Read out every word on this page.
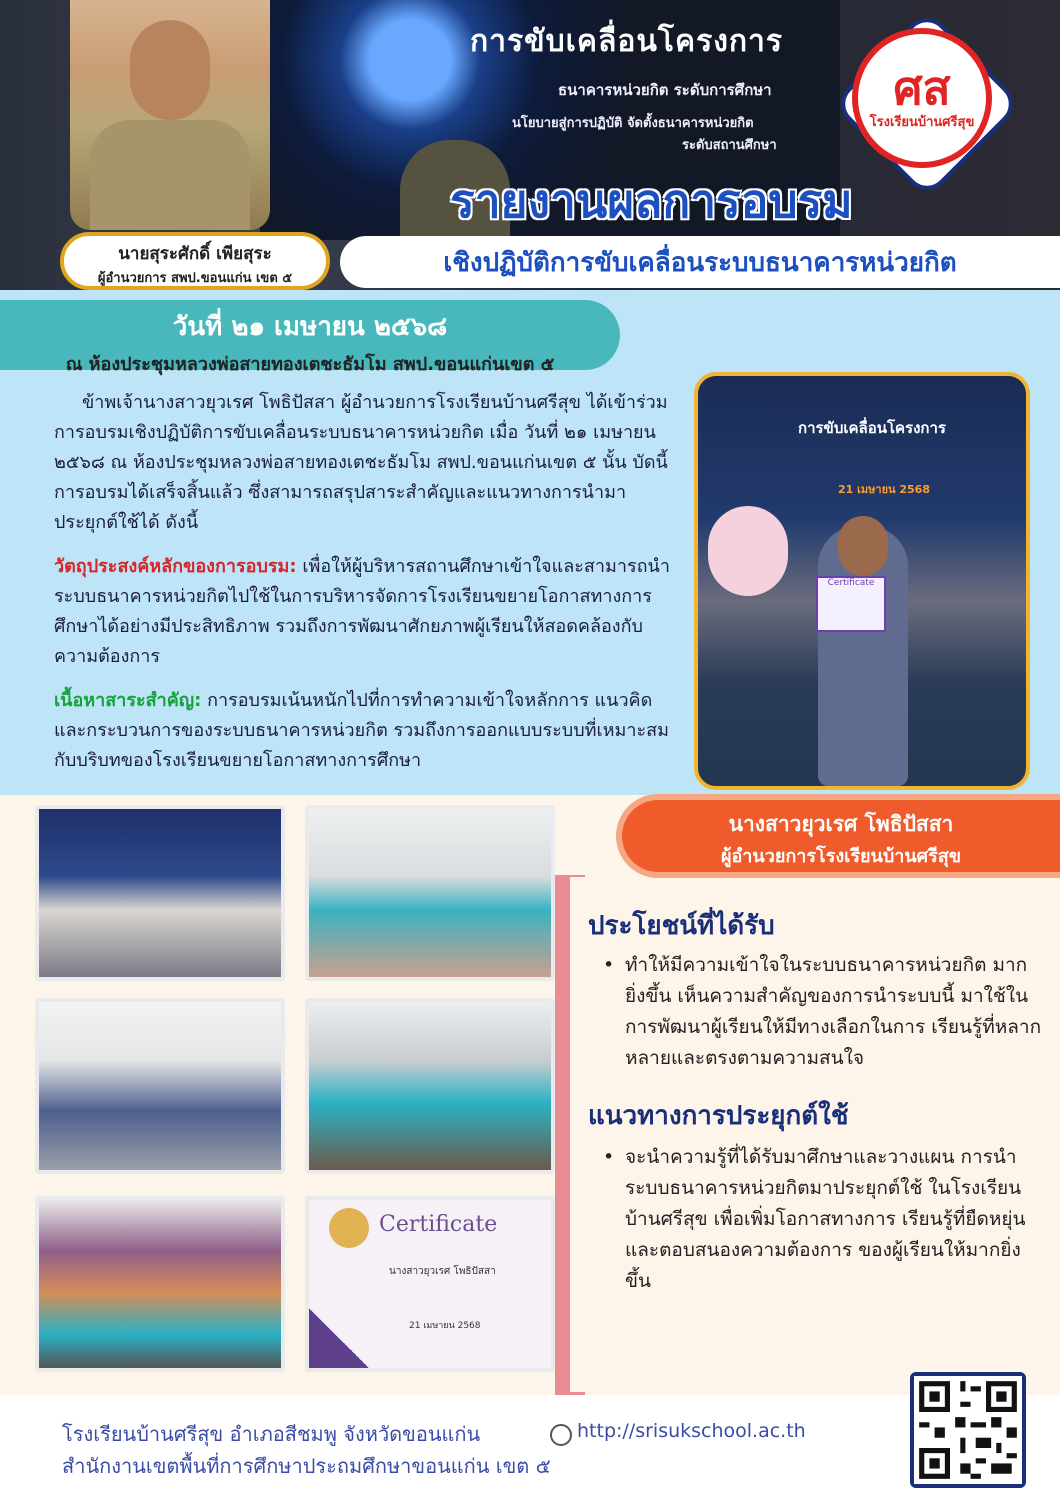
การขับเคลื่อนโครงการ
ธนาคารหน่วยกิต ระดับการศึกษา
นโยบายสู่การปฏิบัติ จัดตั้งธนาคารหน่วยกิต
ระดับสถานศึกษา
ศส
โรงเรียนบ้านศรีสุข
รายงานผลการอบรม
นายสุระศักดิ์ เพียสุระ
ผู้อำนวยการ สพป.ขอนแก่น เขต ๕
เชิงปฏิบัติการขับเคลื่อนระบบธนาคารหน่วยกิต
วันที่ ๒๑ เมษายน ๒๕๖๘
ณ ห้องประชุมหลวงพ่อสายทองเตชะธัมโม สพป.ขอนแก่นเขต ๕

ข้าพเจ้านางสาวยุวเรศ โพธิปัสสา ผู้อำนวยการโรงเรียนบ้านศรีสุข ได้เข้าร่วมการอบรมเชิงปฏิบัติการขับเคลื่อนระบบธนาคารหน่วยกิต เมื่อ วันที่ ๒๑ เมษายน ๒๕๖๘ ณ ห้องประชุมหลวงพ่อสายทองเตชะธัมโม สพป.ขอนแก่นเขต ๕ นั้น บัดนี้การอบรมได้เสร็จสิ้นแล้ว ซึ่งสามารถสรุปสาระสำคัญและแนวทางการนำมาประยุกต์ใช้ได้ ดังนี้

วัตถุประสงค์หลักของการอบรม: เพื่อให้ผู้บริหารสถานศึกษาเข้าใจและสามารถนำระบบธนาคารหน่วยกิตไปใช้ในการบริหารจัดการโรงเรียนขยายโอกาสทางการศึกษาได้อย่างมีประสิทธิภาพ รวมถึงการพัฒนาศักยภาพผู้เรียนให้สอดคล้องกับความต้องการ

เนื้อหาสาระสำคัญ: การอบรมเน้นหนักไปที่การทำความเข้าใจหลักการ แนวคิด และกระบวนการของระบบธนาคารหน่วยกิต รวมถึงการออกแบบระบบที่เหมาะสมกับบริบทของโรงเรียนขยายโอกาสทางการศึกษา

การขับเคลื่อนโครงการ
21 เมษายน 2568
Certificate
Certificate
นางสาวยุวเรศ โพธิปัสสา
21 เมษายน 2568
นางสาวยุวเรศ โพธิปัสสา
ผู้อำนวยการโรงเรียนบ้านศรีสุข
ประโยชน์ที่ได้รับ
• ทำให้มีความเข้าใจในระบบธนาคารหน่วยกิต มากยิ่งขึ้น เห็นความสำคัญของการนำระบบนี้ มาใช้ในการพัฒนาผู้เรียนให้มีทางเลือกในการ เรียนรู้ที่หลากหลายและตรงตามความสนใจ
แนวทางการประยุกต์ใช้
• จะนำความรู้ที่ได้รับมาศึกษาและวางแผน การนำระบบธนาคารหน่วยกิตมาประยุกต์ใช้ ในโรงเรียนบ้านศรีสุข เพื่อเพิ่มโอกาสทางการ เรียนรู้ที่ยืดหยุ่นและตอบสนองความต้องการ ของผู้เรียนให้มากยิ่งขึ้น
โรงเรียนบ้านศรีสุข อำเภอสีชมพู จังหวัดขอนแก่น
สำนักงานเขตพื้นที่การศึกษาประถมศึกษาขอนแก่น เขต ๕
http://srisukschool.ac.th
